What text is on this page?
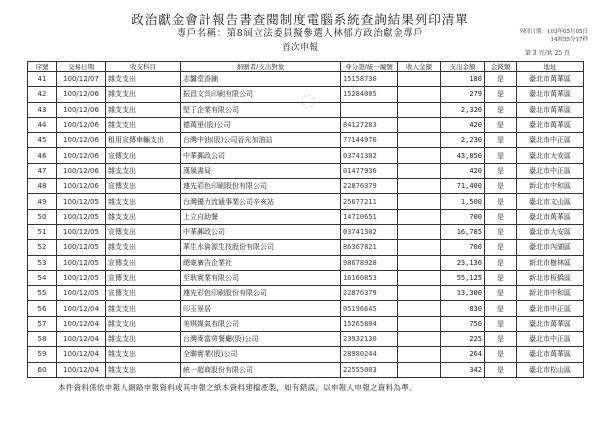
政治獻金會計報告書查閱制度電腦系統查詢結果列印清單
專戶名稱：第8屆立法委員擬參選人林郁方政治獻金專戶
首次申報
列印日期：103年05月05日
14時55分17秒
第 3 頁/共 25 頁
序號	交易日期	收支科目	捐贈者/支出對象	身分證/統一編號	收入金額	支出金額	金錢類	地址
41	100/12/07	雜支支出	志馨堂香鋪	15158730		180	是	臺北市萬華區
42	100/12/06	雜支支出	振昌文具印刷有限公司	15284005		279	是	臺北市萬華區
43	100/12/06	雜支支出	堅丁企業有限公司			2,320	是	臺北市萬華區
44	100/12/06	雜支支出	德萬里(股)公司	84127283		420	是	臺北市萬華區
45	100/12/06	租用宣傳車輛支出	台灣中油(股)公司晉光加油站	77144976		2,230	是	臺北市中正區
46	100/12/06	宣傳支出	中華郵政公司	03741302		43,050	是	臺北市大安區
47	100/12/06	雜支支出	漢風書局	01477936		420	是	臺北市中正區
48	100/12/06	宣傳支出	連先彩色印刷股份有限公司	22876379		71,400	是	新北市中和區
49	100/12/05	雜支支出	台灣優力流通事業公司辛亥站	25677211		1,500	是	臺北市文山區
50	100/12/05	雜支支出	上立自助餐	14710651		700	是	臺北市萬華區
51	100/12/05	宣傳支出	中華郵政公司	03741302		16,785	是	臺北市大安區
52	100/12/05	雜支支出	華生水資源生技股份有限公司	86367821		700	是	臺北市內湖區
53	100/12/05	宣傳支出	總豪廣告企業社	98678928		23,136	是	新北市樹林區
54	100/12/05	宣傳支出	至耿實業有限公司	16160853		55,125	是	新北市板橋區
55	100/12/05	宣傳支出	連先彩色印刷股份有限公司	22876379		13,300	是	新北市中和區
56	100/12/04	雜支支出	印玉景居	05196645		830	是	臺北市中正區
57	100/12/04	雜支支出	美琪媒氣有限公司	15265804		750	是	臺北市萬華區
58	100/12/04	雜支支出	台灣麥當勞餐廳(股)公司	23932130		225	是	臺北市中正區
59	100/12/04	雜支支出	全聯實業(股)公司	28980244		264	是	臺北市萬華區
60	100/12/04	雜支支出	統一超商股份有限公司	22555003		342	是	臺北市松山區
本件資料係依申報人網路申報資料或其申報之紙本資料建檔產製，如有錯誤，以申報人申報之資料為準。
◌
